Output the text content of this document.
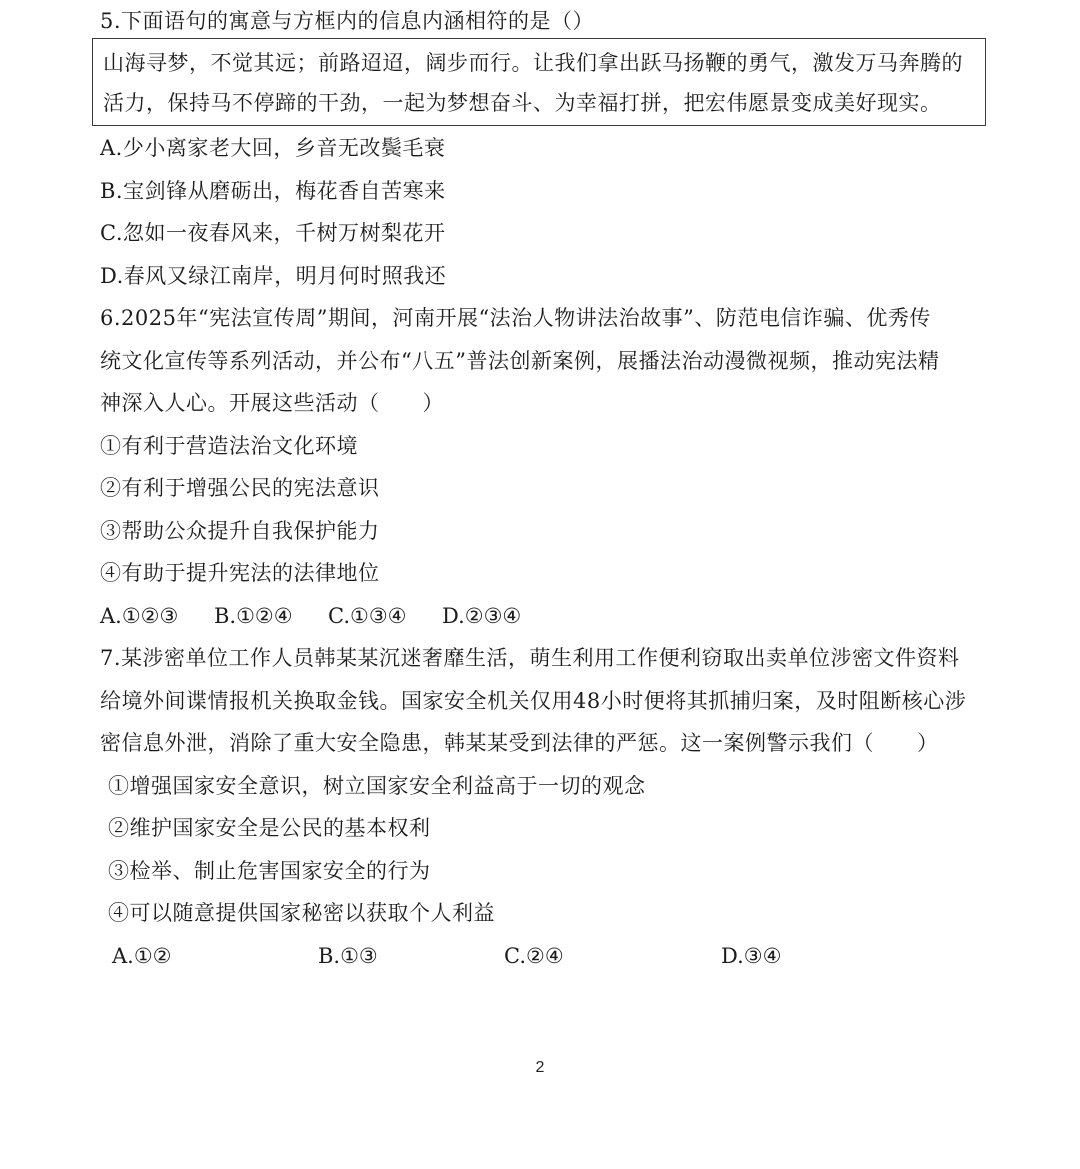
5.下面语句的寓意与方框内的信息内涵相符的是（）
山海寻梦，不觉其远；前路迢迢，阔步而行。让我们拿出跃马扬鞭的勇气，激发万马奔腾的
活力，保持马不停蹄的干劲，一起为梦想奋斗、为幸福打拼，把宏伟愿景变成美好现实。
A.少小离家老大回，乡音无改鬓毛衰
B.宝剑锋从磨砺出，梅花香自苦寒来
C.忽如一夜春风来，千树万树梨花开
D.春风又绿江南岸，明月何时照我还
6.2025年“宪法宣传周”期间，河南开展“法治人物讲法治故事”、防范电信诈骗、优秀传
统文化宣传等系列活动，并公布“八五”普法创新案例，展播法治动漫微视频，推动宪法精
神深入人心。开展这些活动（　　）
①有利于营造法治文化环境
②有利于增强公民的宪法意识
③帮助公众提升自我保护能力
④有助于提升宪法的法律地位
A.①②③ B.①②④ C.①③④ D.②③④
7.某涉密单位工作人员韩某某沉迷奢靡生活，萌生利用工作便利窃取出卖单位涉密文件资料
给境外间谍情报机关换取金钱。国家安全机关仅用48小时便将其抓捕归案，及时阻断核心涉
密信息外泄，消除了重大安全隐患，韩某某受到法律的严惩。这一案例警示我们（　　）
①增强国家安全意识，树立国家安全利益高于一切的观念
②维护国家安全是公民的基本权利
③检举、制止危害国家安全的行为
④可以随意提供国家秘密以获取个人利益
A.①②	B.①③	C.②④	D.③④
2
